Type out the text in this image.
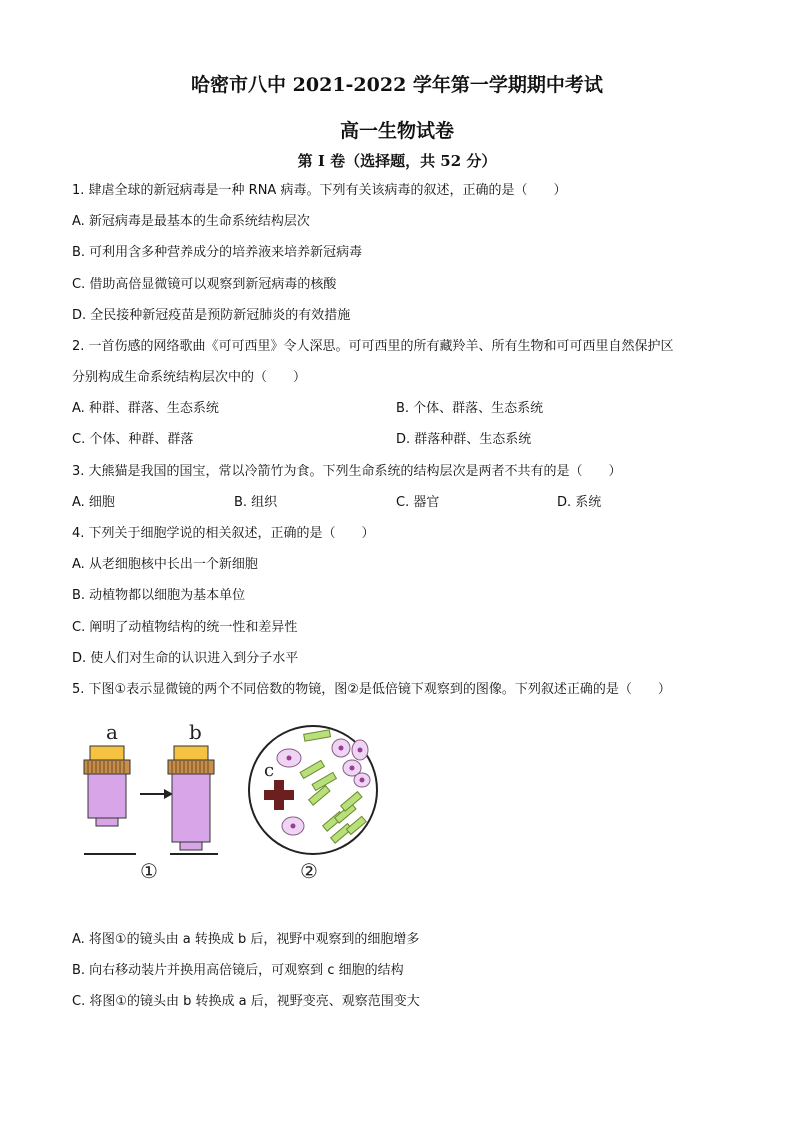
哈密市八中 2021-2022 学年第一学期期中考试
高一生物试卷
第 I 卷（选择题，共 52 分）
1. 肆虐全球的新冠病毒是一种 RNA 病毒。下列有关该病毒的叙述，正确的是（　　）
A. 新冠病毒是最基本的生命系统结构层次
B. 可利用含多种营养成分的培养液来培养新冠病毒
C. 借助高倍显微镜可以观察到新冠病毒的核酸
D. 全民接种新冠疫苗是预防新冠肺炎的有效措施
2. 一首伤感的网络歌曲《可可西里》令人深思。可可西里的所有藏羚羊、所有生物和可可西里自然保护区
分别构成生命系统结构层次中的（　　）
A. 种群、群落、生态系统	B. 个体、群落、生态系统
C. 个体、种群、群落	D. 群落种群、生态系统
3. 大熊猫是我国的国宝，常以冷箭竹为食。下列生命系统的结构层次是两者不共有的是（　　）
A. 细胞	B. 组织	C. 器官	D. 系统
4. 下列关于细胞学说的相关叙述，正确的是（　　）
A. 从老细胞核中长出一个新细胞
B. 动植物都以细胞为基本单位
C. 阐明了动植物结构的统一性和差异性
D. 使人们对生命的认识进入到分子水平
5. 下图①表示显微镜的两个不同倍数的物镜，图②是低倍镜下观察到的图像。下列叙述正确的是（　　）
a	b
①
c
②
A. 将图①的镜头由 a 转换成 b 后，视野中观察到的细胞增多
B. 向右移动装片并换用高倍镜后，可观察到 c 细胞的结构
C. 将图①的镜头由 b 转换成 a 后，视野变亮、观察范围变大
